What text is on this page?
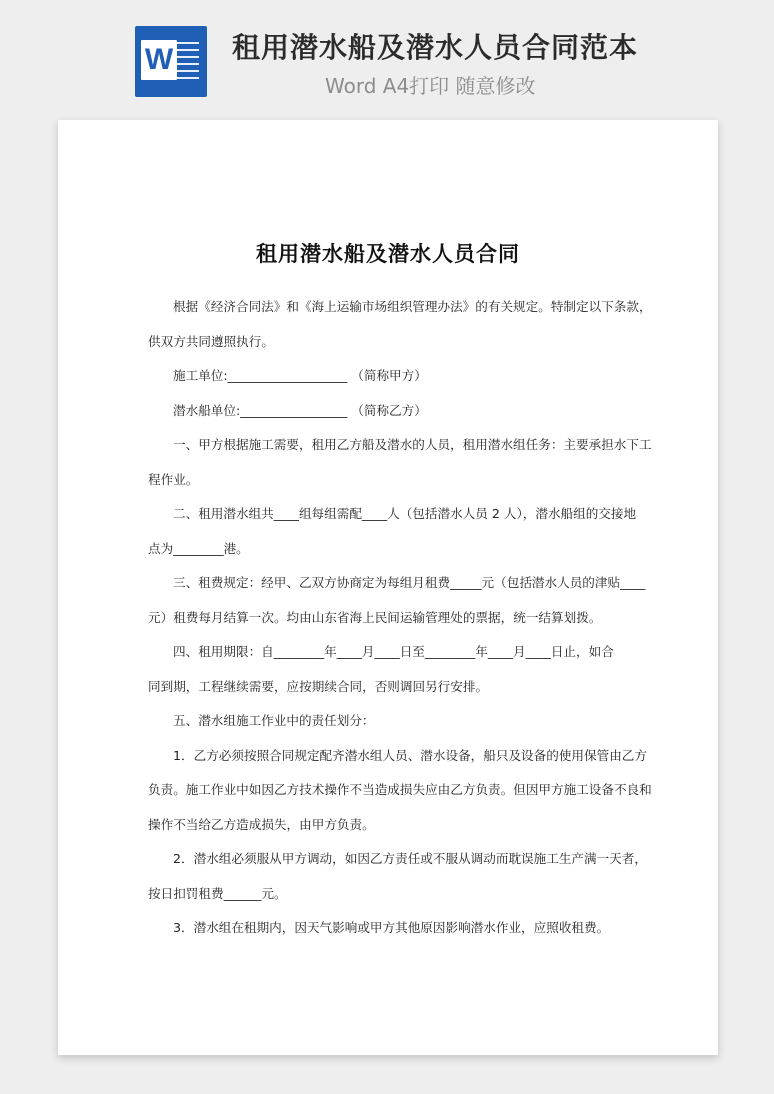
W 租用潜水船及潜水人员合同范本
Word A4打印 随意修改
租用潜水船及潜水人员合同

根据《经济合同法》和《海上运输市场组织管理办法》的有关规定。特制定以下条款，

供双方共同遵照执行。

施工单位:___________________ （简称甲方）

潜水船单位:_________________ （简称乙方）

一、甲方根据施工需要，租用乙方船及潜水的人员，租用潜水组任务：主要承担水下工

程作业。

二、租用潜水组共____组每组需配____人（包括潜水人员 2 人），潜水船组的交接地

点为________港。

三、租费规定：经甲、乙双方协商定为每组月租费_____元（包括潜水人员的津贴____

元）租费每月结算一次。均由山东省海上民间运输管理处的票据，统一结算划拨。

四、租用期限：自________年____月____日至________年____月____日止，如合

同到期，工程继续需要，应按期续合同，否则调回另行安排。

五、潜水组施工作业中的责任划分：

1．乙方必须按照合同规定配齐潜水组人员、潜水设备，船只及设备的使用保管由乙方

负责。施工作业中如因乙方技术操作不当造成损失应由乙方负责。但因甲方施工设备不良和

操作不当给乙方造成损失，由甲方负责。

2．潜水组必须服从甲方调动，如因乙方责任或不服从调动而耽误施工生产满一天者，

按日扣罚租费______元。

3．潜水组在租期内，因天气影响或甲方其他原因影响潜水作业，应照收租费。
